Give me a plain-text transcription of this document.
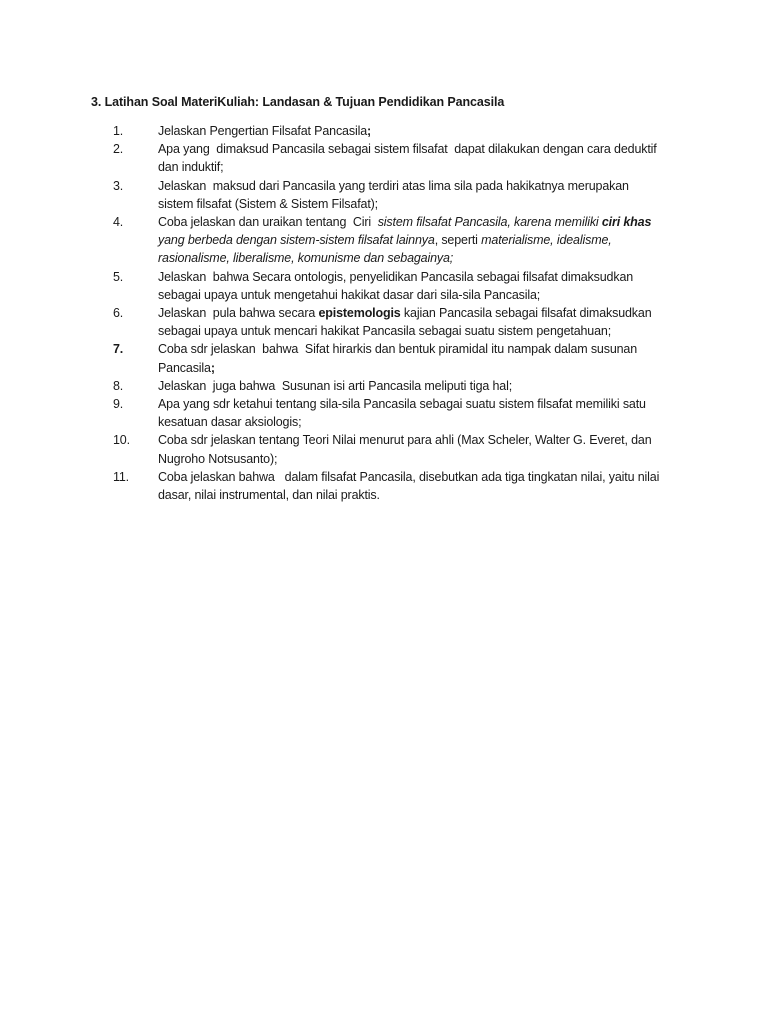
3. Latihan Soal MateriKuliah: Landasan & Tujuan Pendidikan Pancasila
1.	Jelaskan Pengertian Filsafat Pancasila;
2.	Apa yang  dimaksud Pancasila sebagai sistem filsafat  dapat dilakukan dengan cara deduktif
dan induktif;
3.	Jelaskan  maksud dari Pancasila yang terdiri atas lima sila pada hakikatnya merupakan
sistem filsafat (Sistem & Sistem Filsafat);
4.	Coba jelaskan dan uraikan tentang  Ciri  sistem filsafat Pancasila, karena memiliki ciri khas
yang berbeda dengan sistem-sistem filsafat lainnya, seperti materialisme, idealisme,
rasionalisme, liberalisme, komunisme dan sebagainya;
5.	Jelaskan  bahwa Secara ontologis, penyelidikan Pancasila sebagai filsafat dimaksudkan
sebagai upaya untuk mengetahui hakikat dasar dari sila-sila Pancasila;
6.	Jelaskan  pula bahwa secara epistemologis kajian Pancasila sebagai filsafat dimaksudkan
sebagai upaya untuk mencari hakikat Pancasila sebagai suatu sistem pengetahuan;
7.	Coba sdr jelaskan  bahwa  Sifat hirarkis dan bentuk piramidal itu nampak dalam susunan
Pancasila;
8.	Jelaskan  juga bahwa  Susunan isi arti Pancasila meliputi tiga hal;
9.	Apa yang sdr ketahui tentang sila-sila Pancasila sebagai suatu sistem filsafat memiliki satu
kesatuan dasar aksiologis;
10.	Coba sdr jelaskan tentang Teori Nilai menurut para ahli (Max Scheler, Walter G. Everet, dan
Nugroho Notsusanto);
11.	Coba jelaskan bahwa   dalam filsafat Pancasila, disebutkan ada tiga tingkatan nilai, yaitu nilai
dasar, nilai instrumental, dan nilai praktis.
